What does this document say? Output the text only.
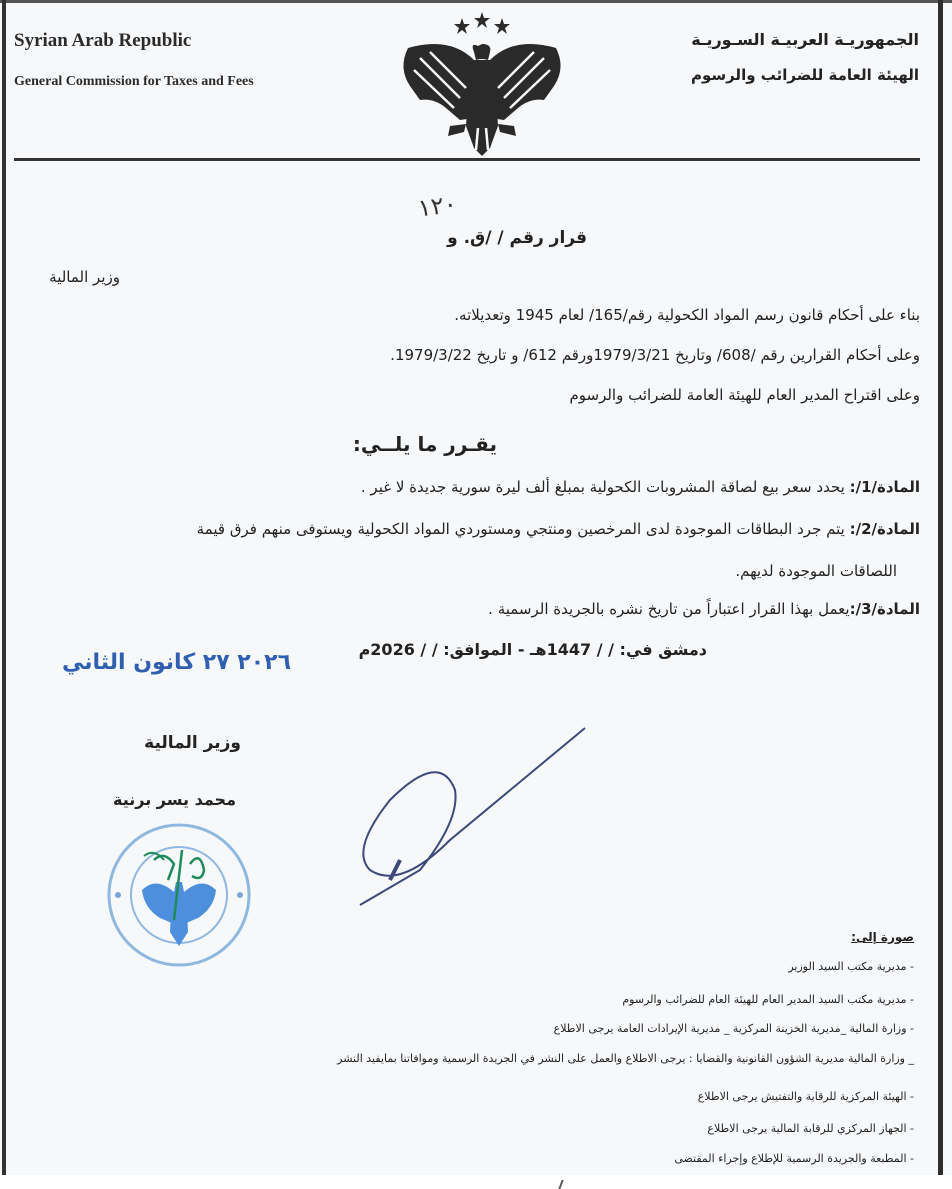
Syrian Arab Republic
General Commission for Taxes and Fees
الجمهوريـة العربيـة السـوريـة
الهيئة العامة للضرائب والرسوم
١٢٠
قرار رقم / /ق. و
وزير المالية
بناء على أحكام قانون رسم المواد الكحولية رقم/165/ لعام 1945 وتعديلاته.
وعلى أحكام القرارين رقم /608/ وتاريخ 1979/3/21ورقم 612/ و تاريخ 1979/3/22.
وعلى اقتراح المدير العام للهيئة العامة للضرائب والرسوم
يقـرر ما يلــي:
المادة/1/: يحدد سعر بيع لصاقة المشروبات الكحولية بمبلغ ألف ليرة سورية جديدة لا غير .
المادة/2/: يتم جرد البطاقات الموجودة لدى المرخصين ومنتجي ومستوردي المواد الكحولية ويستوفى منهم فرق قيمة
اللصاقات الموجودة لديهم.
المادة/3/:يعمل بهذا القرار اعتباراً من تاريخ نشره بالجريدة الرسمية .
دمشق في: / / 1447هـ - الموافق: / / 2026م
٢٠٢٦ ٢٧ كانون الثاني
وزير المالية
محمد يسر برنية
صورة إلى:
- مديرية مكتب السيد الوزير
- مديرية مكتب السيد المدير العام للهيئة العام للضرائب والرسوم
- وزارة المالية _مديرية الخزينة المركزية _ مديرية الإيرادات العامة يرجى الاطلاع
_ وزارة المالية مديرية الشؤون القانونية والقضايا : يرجى الاطلاع والعمل على النشر في الجريدة الرسمية وموافاتنا بمايفيد النشر
- الهيئة المركزية للرقابة والتفتيش يرجى الاطلاع
- الجهاز المركزي للرقابة المالية يرجى الاطلاع
- المطبعة والجريدة الرسمية للإطلاع وإجراء المقتضى
